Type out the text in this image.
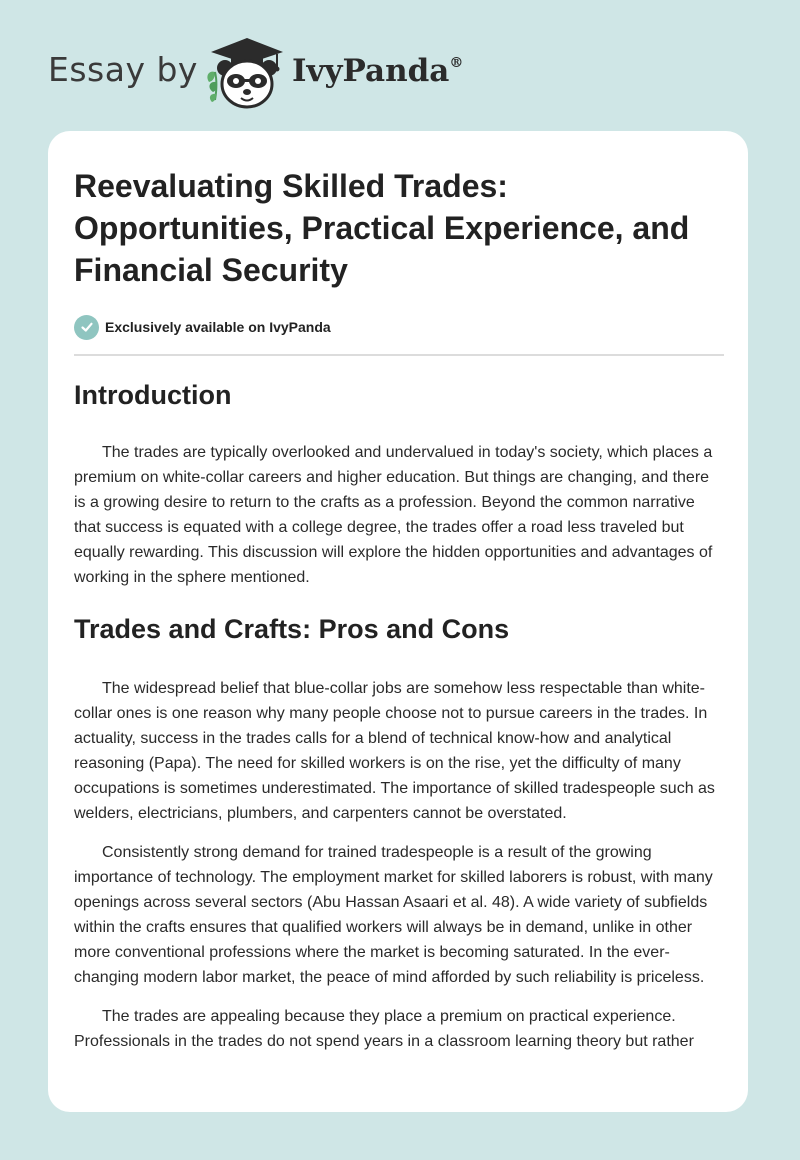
Essay by	IvyPanda®
Reevaluating Skilled Trades: Opportunities, Practical Experience, and Financial Security
Exclusively available on IvyPanda
Introduction

The trades are typically overlooked and undervalued in today's society, which places a premium on white-collar careers and higher education. But things are changing, and there is a growing desire to return to the crafts as a profession. Beyond the common narrative that success is equated with a college degree, the trades offer a road less traveled but equally rewarding. This discussion will explore the hidden opportunities and advantages of working in the sphere mentioned.

Trades and Crafts: Pros and Cons

The widespread belief that blue-collar jobs are somehow less respectable than white-collar ones is one reason why many people choose not to pursue careers in the trades. In actuality, success in the trades calls for a blend of technical know-how and analytical reasoning (Papa). The need for skilled workers is on the rise, yet the difficulty of many occupations is sometimes underestimated. The importance of skilled tradespeople such as welders, electricians, plumbers, and carpenters cannot be overstated.

Consistently strong demand for trained tradespeople is a result of the growing importance of technology. The employment market for skilled laborers is robust, with many openings across several sectors (Abu Hassan Asaari et al. 48). A wide variety of subfields within the crafts ensures that qualified workers will always be in demand, unlike in other more conventional professions where the market is becoming saturated. In the ever-changing modern labor market, the peace of mind afforded by such reliability is priceless.

The trades are appealing because they place a premium on practical experience. Professionals in the trades do not spend years in a classroom learning theory but rather
